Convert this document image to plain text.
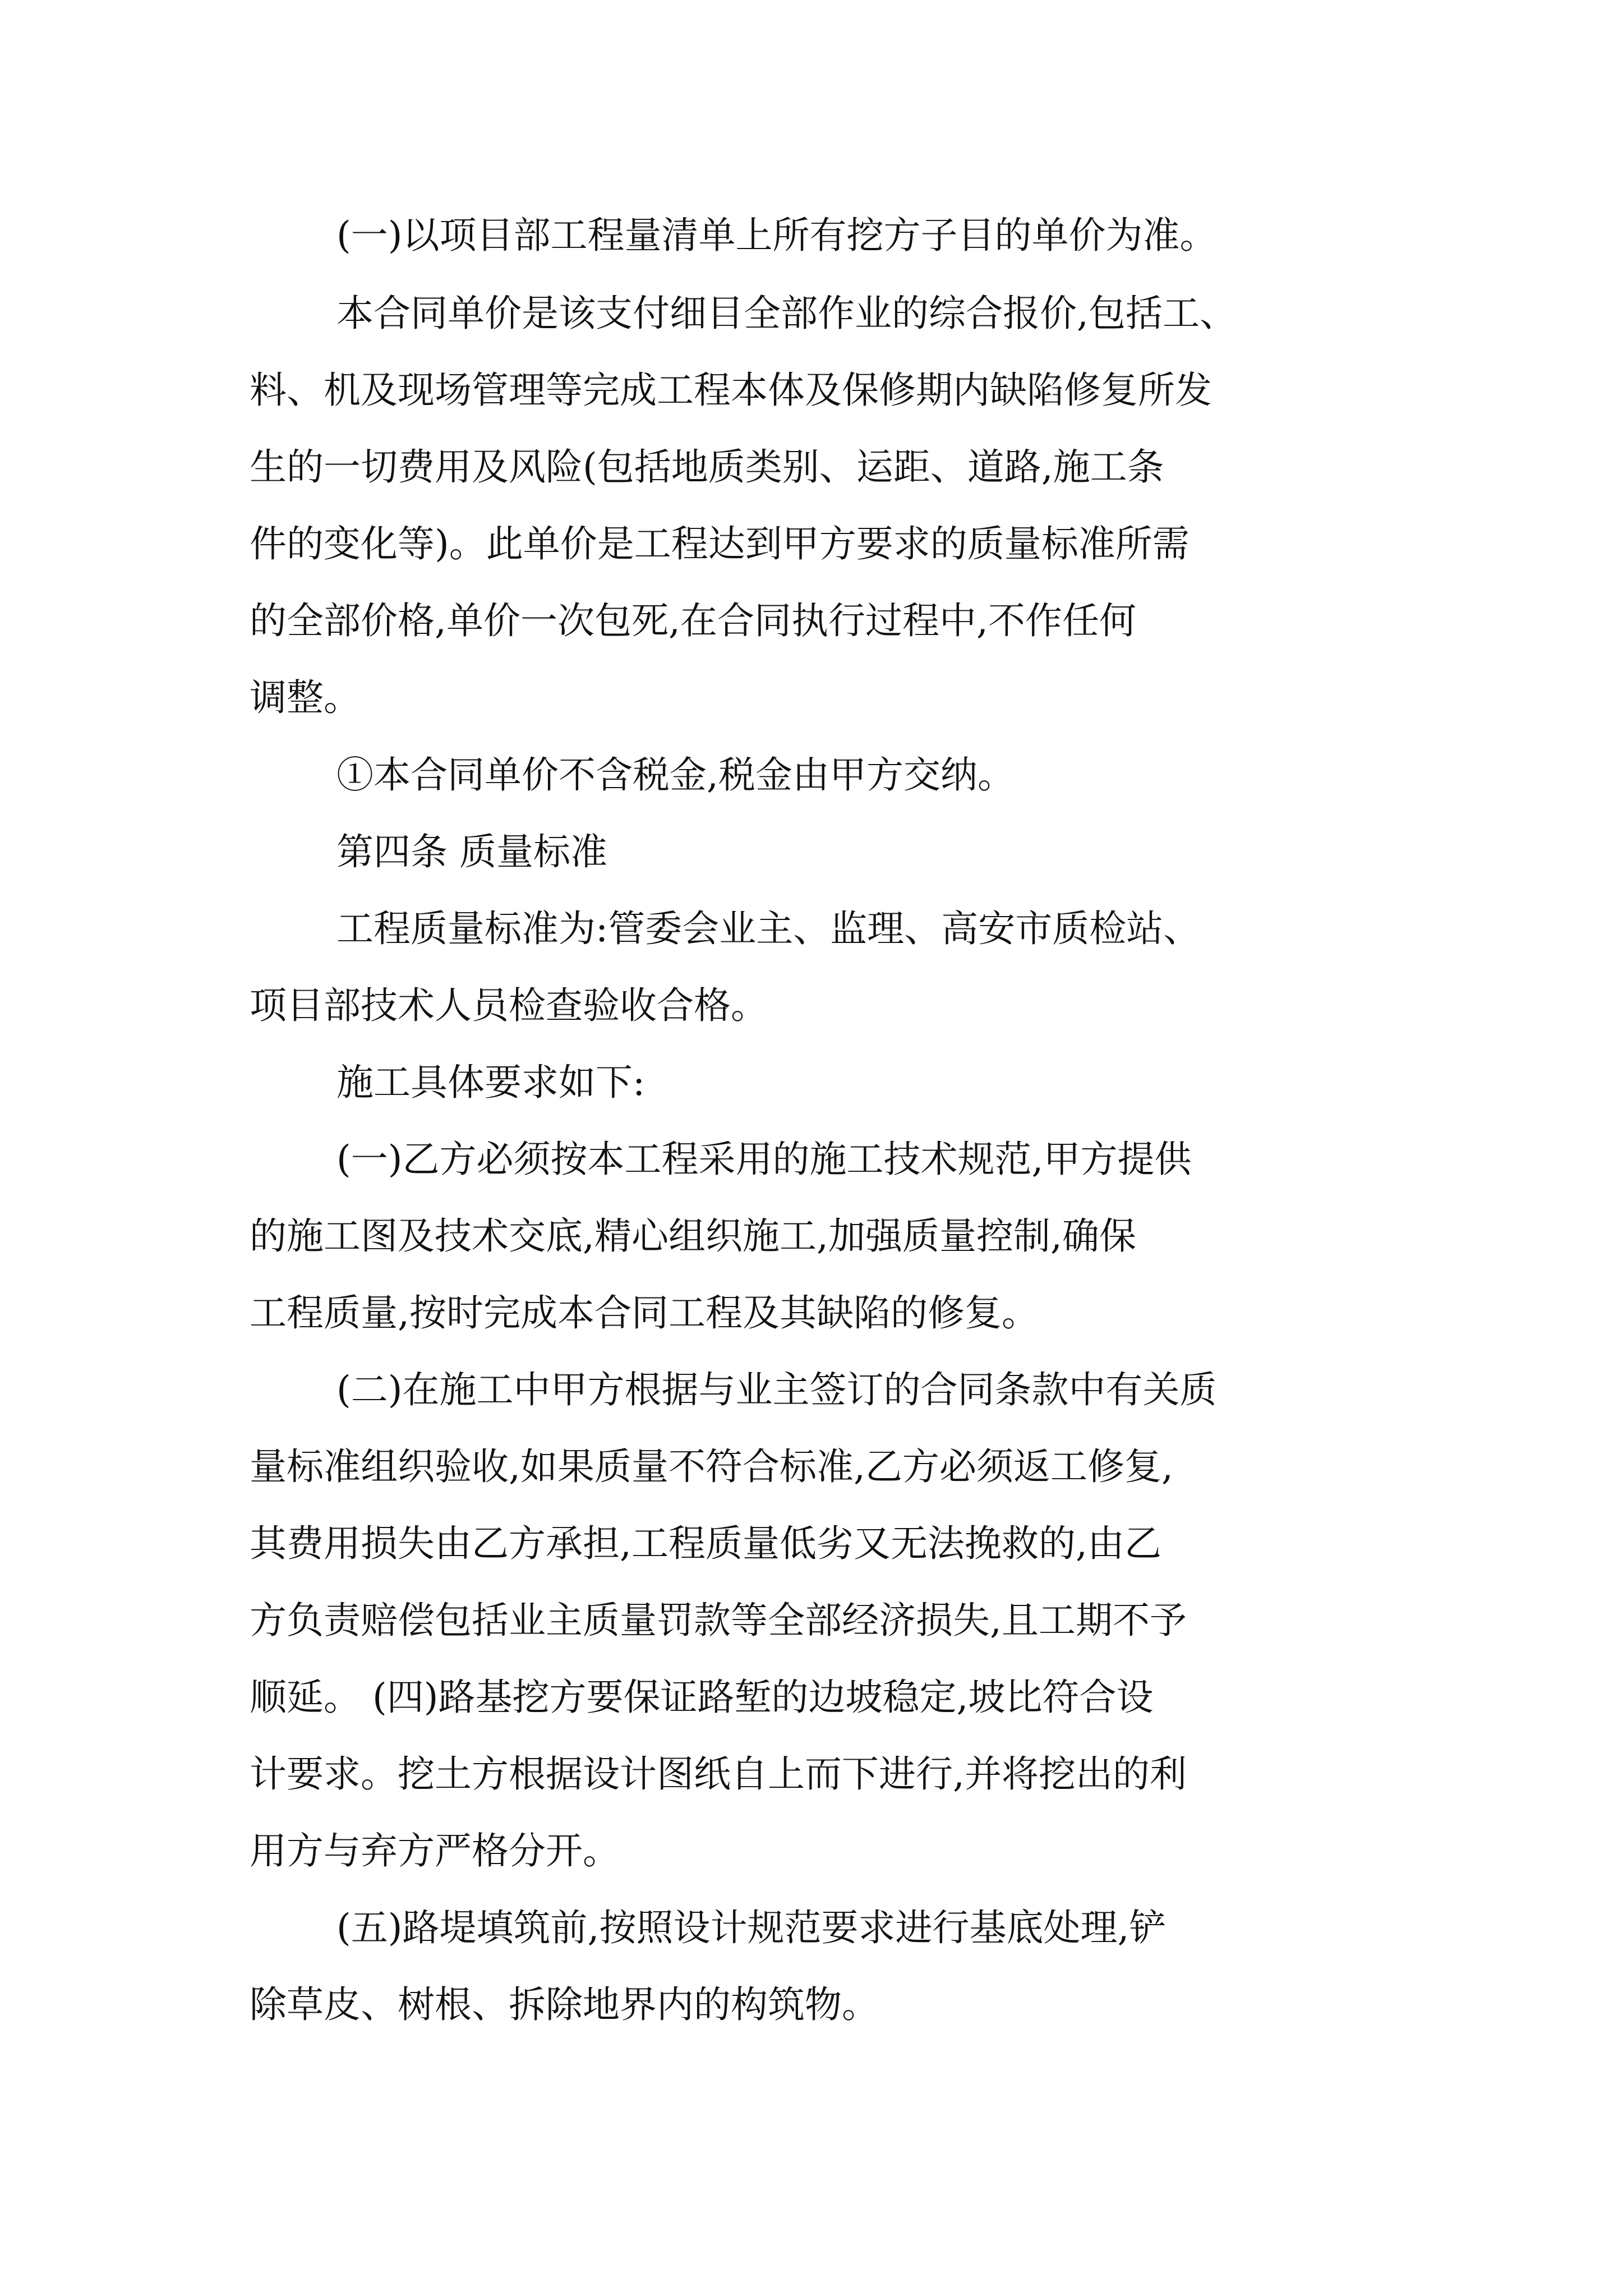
(一)以项目部工程量清单上所有挖方子目的单价为准。

本合同单价是该支付细目全部作业的综合报价,包括工、

料、机及现场管理等完成工程本体及保修期内缺陷修复所发

生的一切费用及风险(包括地质类别、运距、道路,施工条

件的变化等)。此单价是工程达到甲方要求的质量标准所需

的全部价格,单价一次包死,在合同执行过程中,不作任何

调整。

①本合同单价不含税金,税金由甲方交纳。

第四条 质量标准

工程质量标准为:管委会业主、监理、高安市质检站、

项目部技术人员检查验收合格。

施工具体要求如下:

(一)乙方必须按本工程采用的施工技术规范,甲方提供

的施工图及技术交底,精心组织施工,加强质量控制,确保

工程质量,按时完成本合同工程及其缺陷的修复。

(二)在施工中甲方根据与业主签订的合同条款中有关质

量标准组织验收,如果质量不符合标准,乙方必须返工修复,

其费用损失由乙方承担,工程质量低劣又无法挽救的,由乙

方负责赔偿包括业主质量罚款等全部经济损失,且工期不予

顺延。 (四)路基挖方要保证路堑的边坡稳定,坡比符合设

计要求。挖土方根据设计图纸自上而下进行,并将挖出的利

用方与弃方严格分开。

(五)路堤填筑前,按照设计规范要求进行基底处理,铲

除草皮、树根、拆除地界内的构筑物。
